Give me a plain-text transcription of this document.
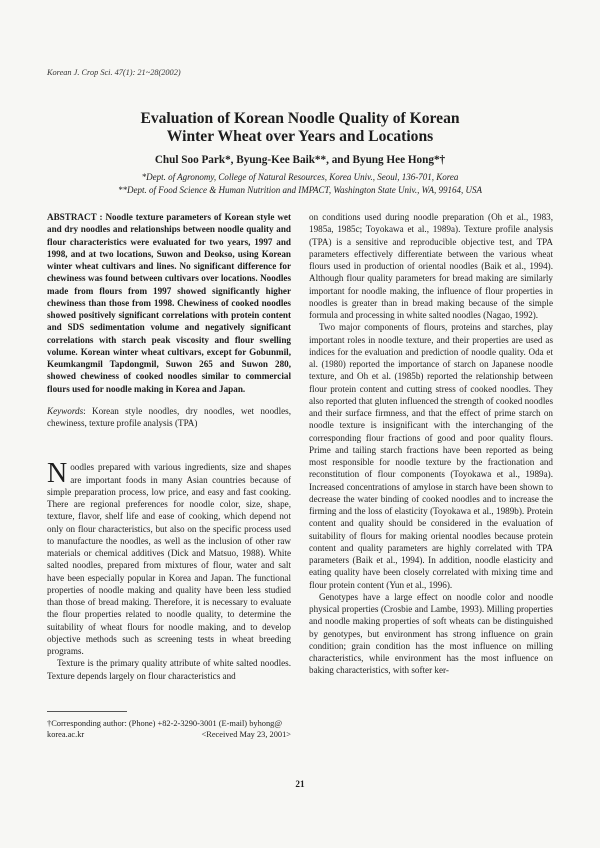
Korean J. Crop Sci. 47(1): 21~28(2002)
Evaluation of Korean Noodle Quality of Korean
Winter Wheat over Years and Locations
Chul Soo Park*, Byung-Kee Baik**, and Byung Hee Hong*†
*Dept. of Agronomy, College of Natural Resources, Korea Univ., Seoul, 136-701, Korea
**Dept. of Food Science & Human Nutrition and IMPACT, Washington State Univ., WA, 99164, USA

ABSTRACT : Noodle texture parameters of Korean style wet and dry noodles and relationships between noodle quality and flour characteristics were evaluated for two years, 1997 and 1998, and at two locations, Suwon and Deokso, using Korean winter wheat cultivars and lines. No significant difference for chewiness was found between cultivars over locations. Noodles made from flours from 1997 showed significantly higher chewiness than those from 1998. Chewiness of cooked noodles showed positively significant correlations with protein content and SDS sedimentation volume and negatively significant correlations with starch peak viscosity and flour swelling volume. Korean winter wheat cultivars, except for Gobunmil, Keumkangmil Tapdongmil, Suwon 265 and Suwon 280, showed chewiness of cooked noodles similar to commercial flours used for noodle making in Korea and Japan.

Keywords: Korean style noodles, dry noodles, wet noodles, chewiness, texture profile analysis (TPA)

Noodles prepared with various ingredients, size and shapes are important foods in many Asian countries because of simple preparation process, low price, and easy and fast cooking. There are regional preferences for noodle color, size, shape, texture, flavor, shelf life and ease of cooking, which depend not only on flour characteristics, but also on the specific process used to manufacture the noodles, as well as the inclusion of other raw materials or chemical additives (Dick and Matsuo, 1988). White salted noodles, prepared from mixtures of flour, water and salt have been especially popular in Korea and Japan. The functional properties of noodle making and quality have been less studied than those of bread making. Therefore, it is necessary to evaluate the flour properties related to noodle quality, to determine the suitability of wheat flours for noodle making, and to develop objective methods such as screening tests in wheat breeding programs.

Texture is the primary quality attribute of white salted noodles. Texture depends largely on flour characteristics and

†Corresponding author: (Phone) +82-2-3290-3001 (E-mail) byhong@ korea.ac.kr	<Received May 23, 2001>

on conditions used during noodle preparation (Oh et al., 1983, 1985a, 1985c; Toyokawa et al., 1989a). Texture profile analysis (TPA) is a sensitive and reproducible objective test, and TPA parameters effectively differentiate between the various wheat flours used in production of oriental noodles (Baik et al., 1994). Although flour quality parameters for bread making are similarly important for noodle making, the influence of flour properties in noodles is greater than in bread making because of the simple formula and processing in white salted noodles (Nagao, 1992).

Two major components of flours, proteins and starches, play important roles in noodle texture, and their properties are used as indices for the evaluation and prediction of noodle quality. Oda et al. (1980) reported the importance of starch on Japanese noodle texture, and Oh et al. (1985b) reported the relationship between flour protein content and cutting stress of cooked noodles. They also reported that gluten influenced the strength of cooked noodles and their surface firmness, and that the effect of prime starch on noodle texture is insignificant with the interchanging of the corresponding flour fractions of good and poor quality flours. Prime and tailing starch fractions have been reported as being most responsible for noodle texture by the fractionation and reconstitution of flour components (Toyokawa et al., 1989a). Increased concentrations of amylose in starch have been shown to decrease the water binding of cooked noodles and to increase the firming and the loss of elasticity (Toyokawa et al., 1989b). Protein content and quality should be considered in the evaluation of suitability of flours for making oriental noodles because protein content and quality parameters are highly correlated with TPA parameters (Baik et al., 1994). In addition, noodle elasticity and eating quality have been closely correlated with mixing time and flour protein content (Yun et al., 1996).

Genotypes have a large effect on noodle color and noodle physical properties (Crosbie and Lambe, 1993). Milling properties and noodle making properties of soft wheats can be distinguished by genotypes, but environment has strong influence on grain condition; grain condition has the most influence on milling characteristics, while environment has the most influence on baking characteristics, with softer ker-

21
